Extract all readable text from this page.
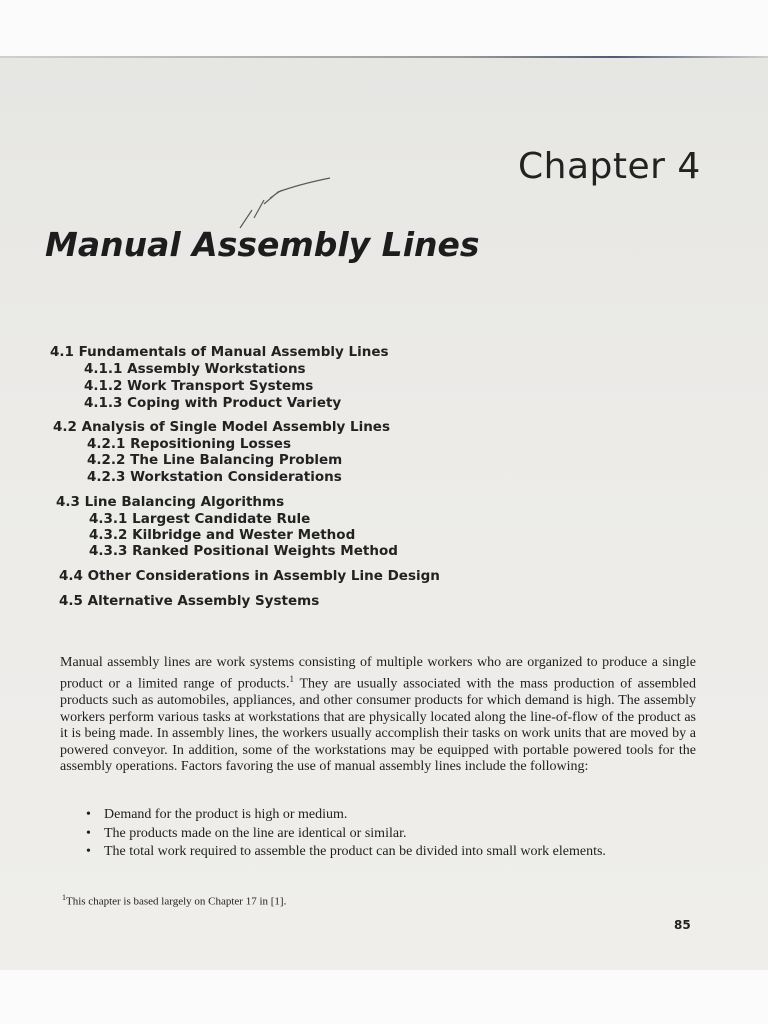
Chapter 4
Manual Assembly Lines
4.1 Fundamentals of Manual Assembly Lines
4.1.1 Assembly Workstations
4.1.2 Work Transport Systems
4.1.3 Coping with Product Variety
4.2 Analysis of Single Model Assembly Lines
4.2.1 Repositioning Losses
4.2.2 The Line Balancing Problem
4.2.3 Workstation Considerations
4.3 Line Balancing Algorithms
4.3.1 Largest Candidate Rule
4.3.2 Kilbridge and Wester Method
4.3.3 Ranked Positional Weights Method
4.4 Other Considerations in Assembly Line Design
4.5 Alternative Assembly Systems
Manual assembly lines are work systems consisting of multiple workers who are organized to produce a single product or a limited range of products.$^1$ They are usually associated with the mass production of assembled products such as automobiles, appliances, and other consumer products for which demand is high. The assembly workers perform various tasks at workstations that are physically located along the line-of-flow of the product as it is being made. In assembly lines, the workers usually accomplish their tasks on work units that are moved by a powered conveyor. In addition, some of the workstations may be equipped with portable powered tools for the assembly operations. Factors favoring the use of manual assembly lines include the following:
• Demand for the product is high or medium.
• The products made on the line are identical or similar.
• The total work required to assemble the product can be divided into small work elements.
$^1$This chapter is based largely on Chapter 17 in [1].
85
